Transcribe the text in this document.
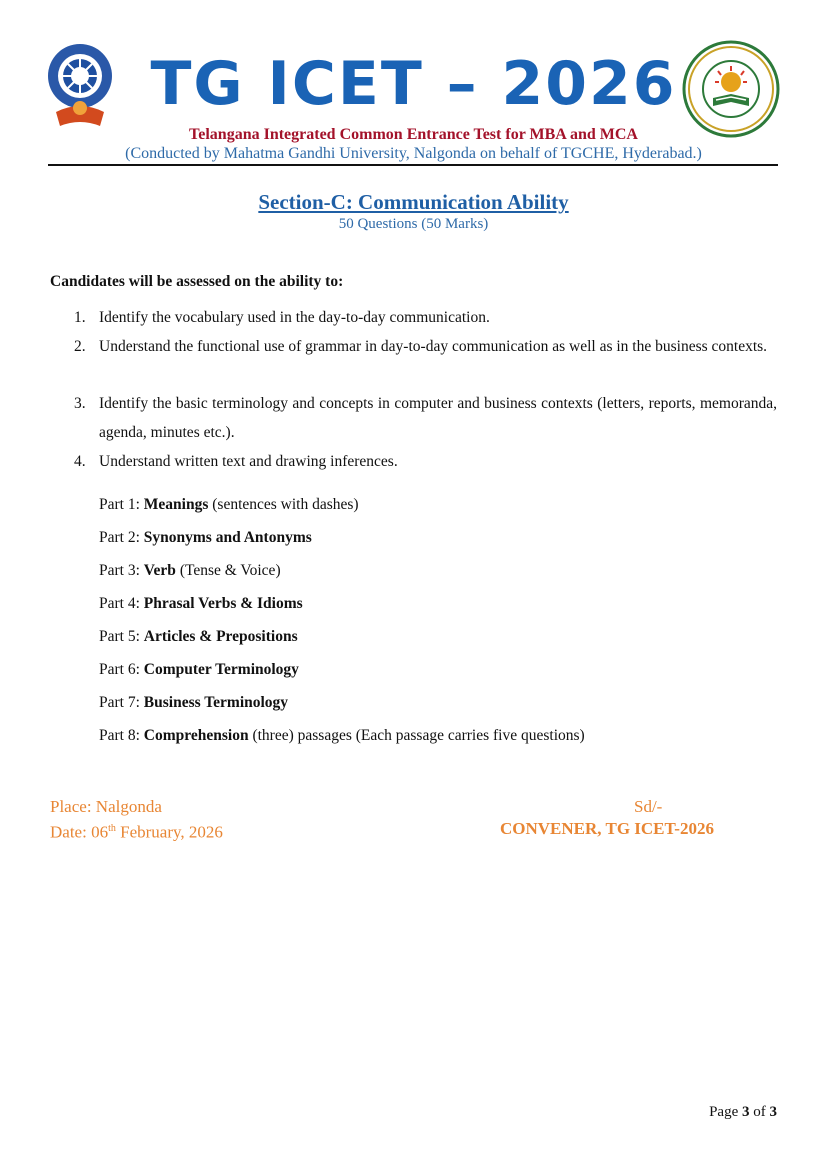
TG ICET – 2026
Telangana Integrated Common Entrance Test for MBA and MCA
(Conducted by Mahatma Gandhi University, Nalgonda on behalf of TGCHE, Hyderabad.)
Section-C: Communication Ability
50 Questions (50 Marks)
Candidates will be assessed on the ability to:
1. Identify the vocabulary used in the day-to-day communication.
2. Understand the functional use of grammar in day-to-day communication as well as in the business contexts.
3. Identify the basic terminology and concepts in computer and business contexts (letters, reports, memoranda, agenda, minutes etc.).
4. Understand written text and drawing inferences.
Part 1: Meanings (sentences with dashes)
Part 2: Synonyms and Antonyms
Part 3: Verb (Tense & Voice)
Part 4: Phrasal Verbs & Idioms
Part 5: Articles & Prepositions
Part 6: Computer Terminology
Part 7: Business Terminology
Part 8: Comprehension (three) passages (Each passage carries five questions)
Place: Nalgonda
Date: 06th February, 2026
Sd/-
CONVENER, TG ICET-2026
Page 3 of 3
